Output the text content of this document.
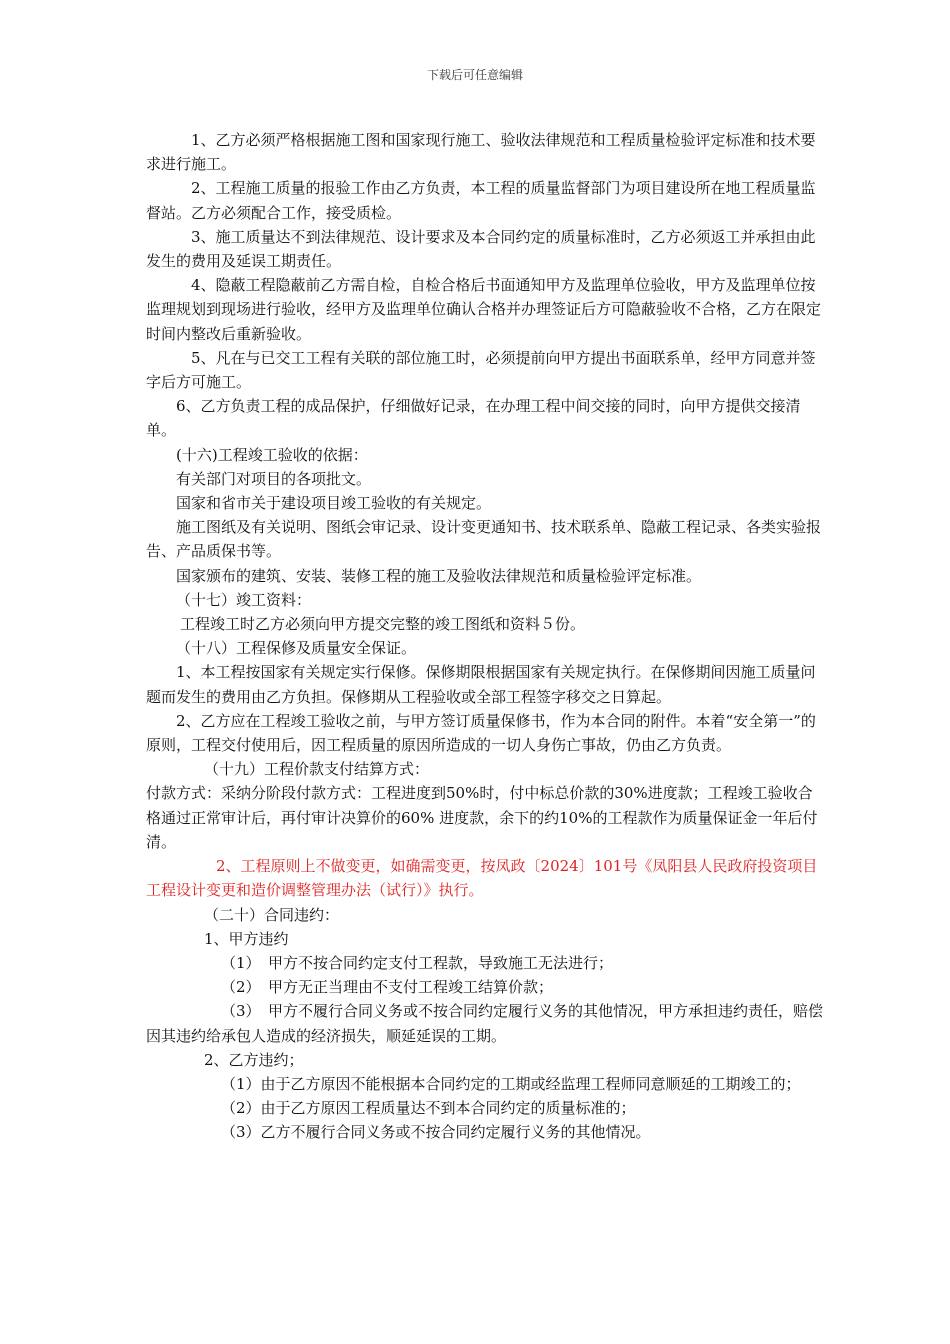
下载后可任意编辑

1、乙方必须严格根据施工图和国家现行施工、验收法律规范和工程质量检验评定标准和技术要求进行施工。

2、工程施工质量的报验工作由乙方负责，本工程的质量监督部门为项目建设所在地工程质量监督站。乙方必须配合工作，接受质检。

3、施工质量达不到法律规范、设计要求及本合同约定的质量标准时，乙方必须返工并承担由此发生的费用及延误工期责任。

4、隐蔽工程隐蔽前乙方需自检，自检合格后书面通知甲方及监理单位验收，甲方及监理单位按监理规划到现场进行验收，经甲方及监理单位确认合格并办理签证后方可隐蔽验收不合格，乙方在限定时间内整改后重新验收。

5、凡在与已交工工程有关联的部位施工时，必须提前向甲方提出书面联系单，经甲方同意并签字后方可施工。

6、乙方负责工程的成品保护，仔细做好记录，在办理工程中间交接的同时，向甲方提供交接清单。

(十六)工程竣工验收的依据：

有关部门对项目的各项批文。

国家和省市关于建设项目竣工验收的有关规定。

施工图纸及有关说明、图纸会审记录、设计变更通知书、技术联系单、隐蔽工程记录、各类实验报告、产品质保书等。

国家颁布的建筑、安装、装修工程的施工及验收法律规范和质量检验评定标准。

（十七）竣工资料：

工程竣工时乙方必须向甲方提交完整的竣工图纸和资料５份。

（十八）工程保修及质量安全保证。

1、本工程按国家有关规定实行保修。保修期限根据国家有关规定执行。在保修期间因施工质量问题而发生的费用由乙方负担。保修期从工程验收或全部工程签字移交之日算起。

2、乙方应在工程竣工验收之前，与甲方签订质量保修书，作为本合同的附件。本着“安全第一”的原则，工程交付使用后，因工程质量的原因所造成的一切人身伤亡事故，仍由乙方负责。

（十九）工程价款支付结算方式：

付款方式：采纳分阶段付款方式：工程进度到50%时，付中标总价款的30%进度款；工程竣工验收合格通过正常审计后，再付审计决算价的60% 进度款，余下的约10%的工程款作为质量保证金一年后付清。

2、工程原则上不做变更，如确需变更，按凤政〔2024〕101号《凤阳县人民政府投资项目工程设计变更和造价调整管理办法（试行）》执行。

（二十）合同违约：

1、甲方违约

（1）　甲方不按合同约定支付工程款，导致施工无法进行；

（2）　甲方无正当理由不支付工程竣工结算价款；

（3）　甲方不履行合同义务或不按合同约定履行义务的其他情况，甲方承担违约责任，赔偿因其违约给承包人造成的经济损失，顺延延误的工期。

2、乙方违约；

（1）由于乙方原因不能根据本合同约定的工期或经监理工程师同意顺延的工期竣工的；

（2）由于乙方原因工程质量达不到本合同约定的质量标准的；

（3）乙方不履行合同义务或不按合同约定履行义务的其他情况。
